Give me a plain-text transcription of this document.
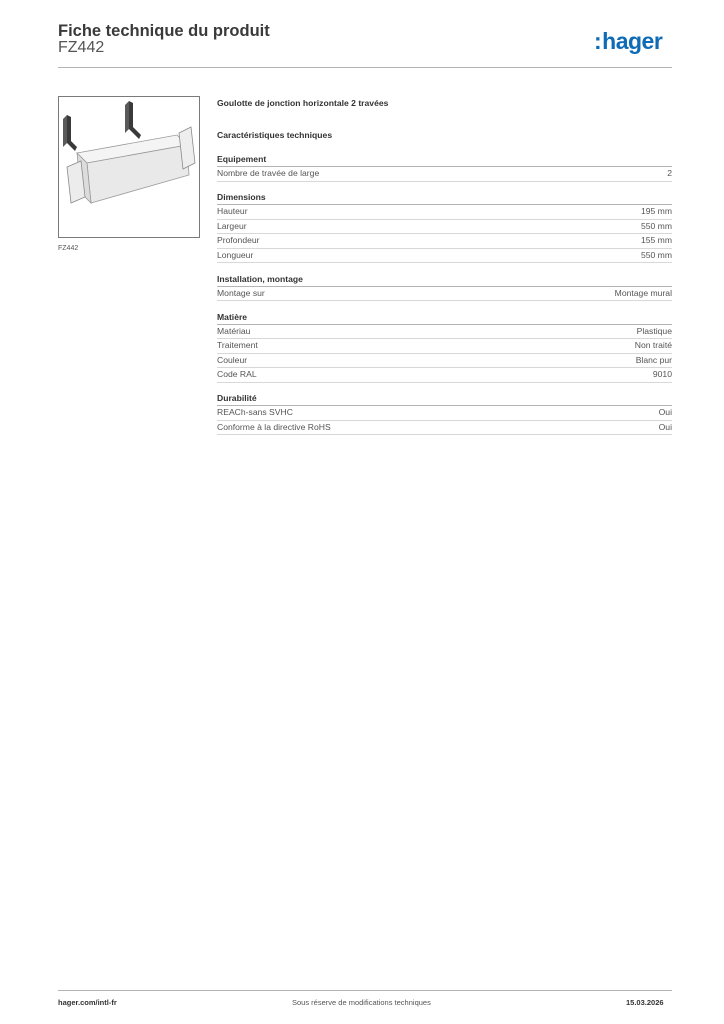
Fiche technique du produit
FZ442	:hager
FZ442
Goulotte de jonction horizontale 2 travées
Caractéristiques techniques
Equipement
Nombre de travée de large	2
Dimensions
Hauteur	195 mm
Largeur	550 mm
Profondeur	155 mm
Longueur	550 mm
Installation, montage
Montage sur	Montage mural
Matière
Matériau	Plastique
Traitement	Non traité
Couleur	Blanc pur
Code RAL	9010
Durabilité
REACh-sans SVHC	Oui
Conforme à la directive RoHS	Oui
hager.com/intl-fr	Sous réserve de modifications techniques	15.03.2026
